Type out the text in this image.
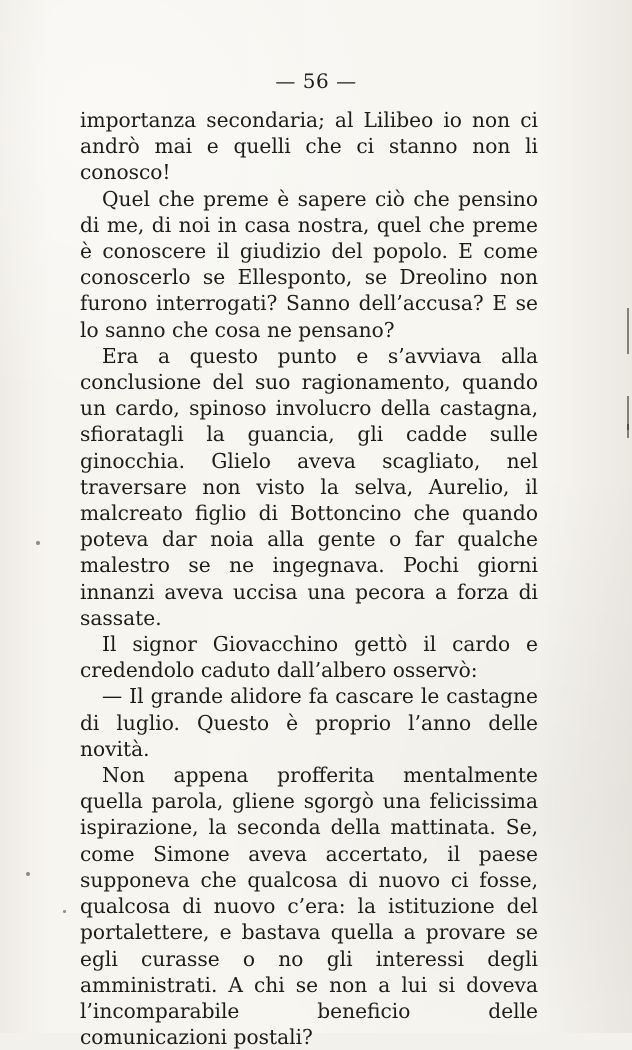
— 56 —

importanza secondaria; al Lilibeo io non ci andrò mai e quelli che ci stanno non li conosco!

Quel che preme è sapere ciò che pensino di me, di noi in casa nostra, quel che preme è conoscere il giudizio del popolo. E come conoscerlo se Ellesponto, se Dreolino non furono interrogati? Sanno dell’accusa? E se lo sanno che cosa ne pensano?

Era a questo punto e s’avviava alla conclusione del suo ragionamento, quando un cardo, spinoso involucro della castagna, sfioratagli la guancia, gli cadde sulle ginocchia. Glielo aveva scagliato, nel traversare non visto la selva, Aurelio, il malcreato figlio di Bottoncino che quando poteva dar noia alla gente o far qualche malestro se ne ingegnava. Pochi giorni innanzi aveva uccisa una pecora a forza di sassate.

Il signor Giovacchino gettò il cardo e credendolo caduto dall’albero osservò:

— Il grande alidore fa cascare le castagne di luglio. Questo è proprio l’anno delle novità.

Non appena profferita mentalmente quella parola, gliene sgorgò una felicissima ispirazione, la seconda della mattinata. Se, come Simone aveva accertato, il paese supponeva che qualcosa di nuovo ci fosse, qualcosa di nuovo c’era: la istituzione del portalettere, e bastava quella a provare se egli curasse o no gli interessi degli amministrati. A chi se non a lui si doveva l’incomparabile beneficio delle comunicazioni postali?
